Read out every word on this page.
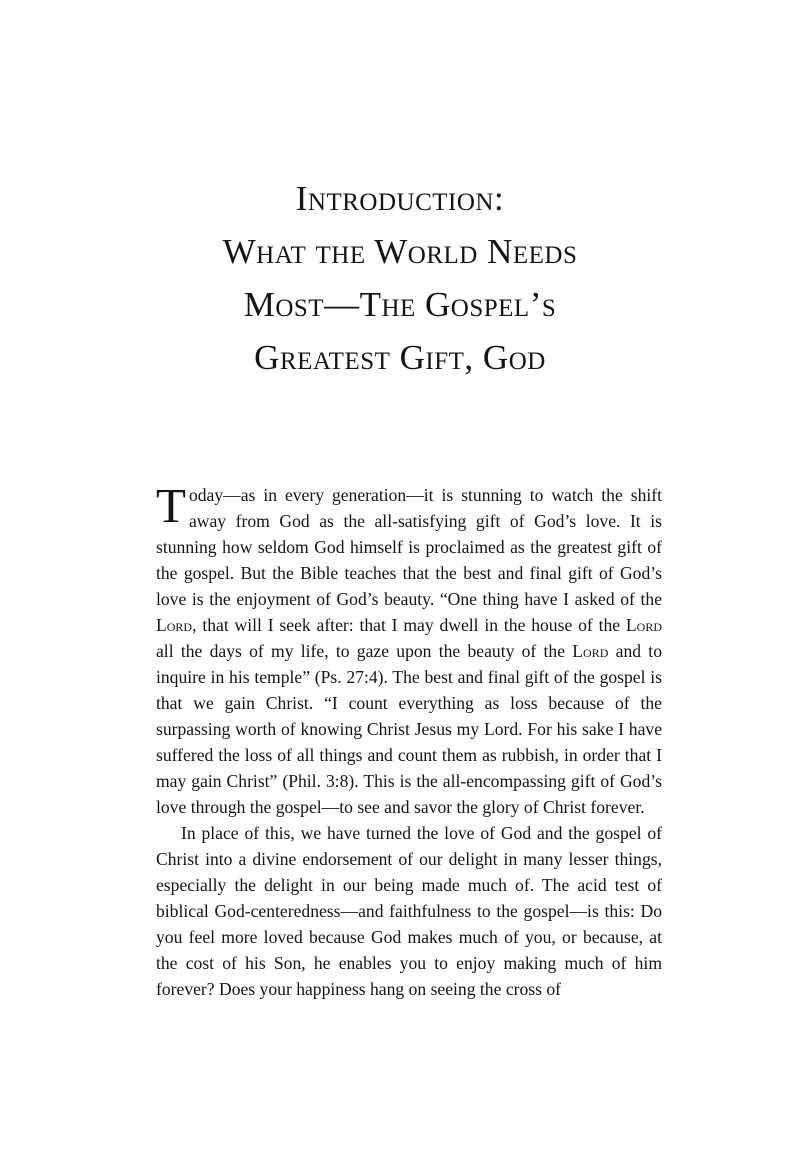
Introduction:
What the World Needs
Most—The Gospel’s
Greatest Gift, God

Today—as in every generation—it is stunning to watch the shift away from God as the all-satisfying gift of God’s love. It is stunning how seldom God himself is proclaimed as the greatest gift of the gospel. But the Bible teaches that the best and final gift of God’s love is the enjoyment of God’s beauty. “One thing have I asked of the Lord, that will I seek after: that I may dwell in the house of the Lord all the days of my life, to gaze upon the beauty of the Lord and to inquire in his temple” (Ps. 27:4). The best and final gift of the gospel is that we gain Christ. “I count everything as loss because of the surpassing worth of knowing Christ Jesus my Lord. For his sake I have suffered the loss of all things and count them as rubbish, in order that I may gain Christ” (Phil. 3:8). This is the all-encompassing gift of God’s love through the gospel—to see and savor the glory of Christ forever.

In place of this, we have turned the love of God and the gospel of Christ into a divine endorsement of our delight in many lesser things, especially the delight in our being made much of. The acid test of biblical God-centeredness—and faithfulness to the gospel—is this: Do you feel more loved because God makes much of you, or because, at the cost of his Son, he enables you to enjoy making much of him forever? Does your happiness hang on seeing the cross of
